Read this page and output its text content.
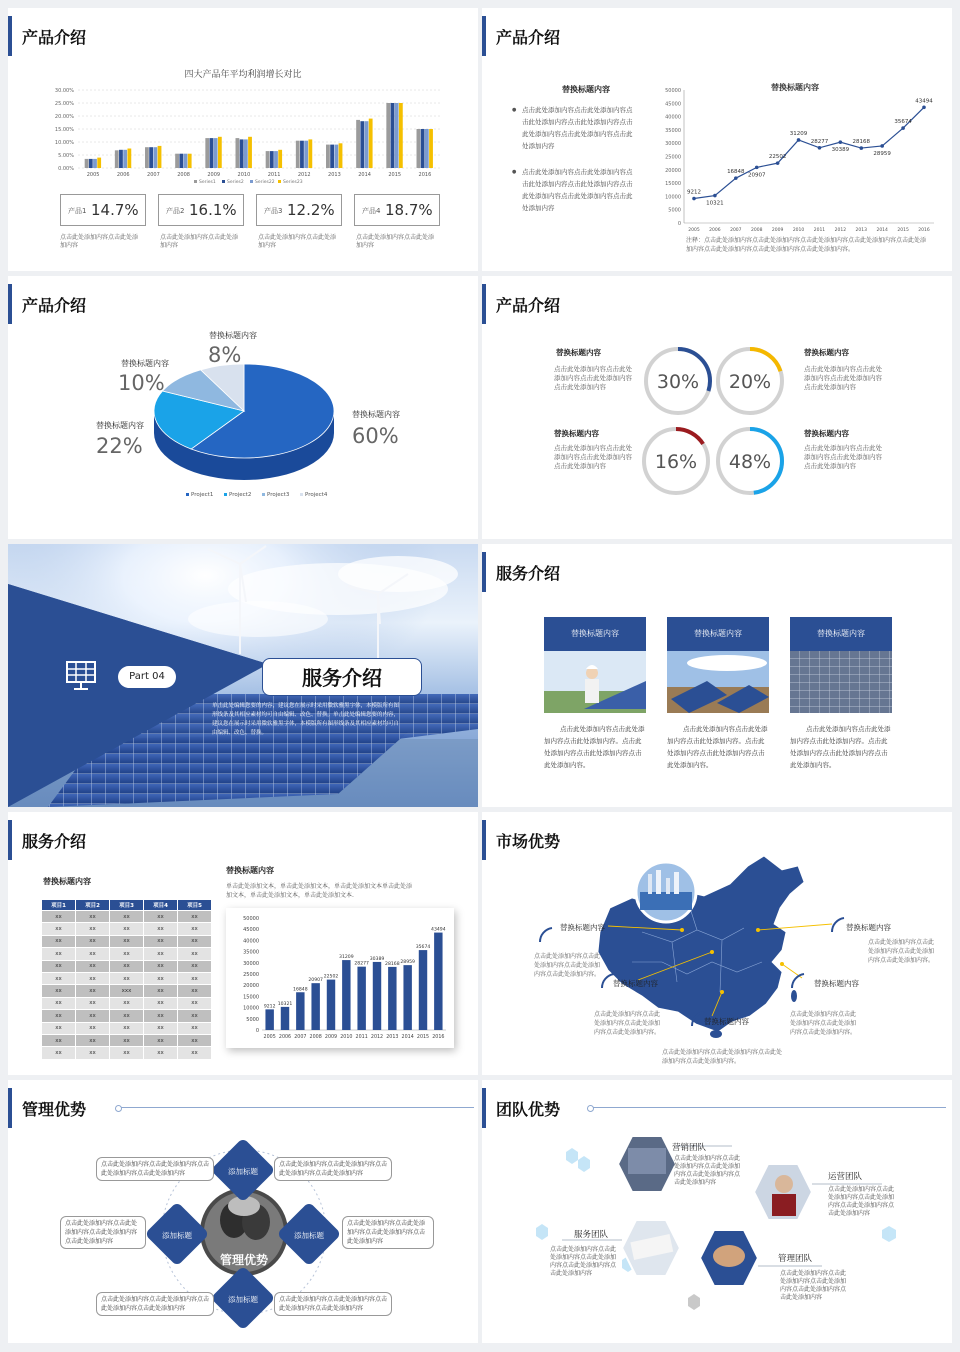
产品介绍
四大产品年平均利润增长对比
0.00%
5.00%
10.00%
15.00%
20.00%
25.00%
30.00%
2005	2006	2007	2008	2009	2010	2011	2012	2013	2014	2015	2016
Series1	Series2	Series22 Series23
产品1 14.7%	产品2 16.1%	产品3 12.2%	产品4 18.7%
点击此处添加内容点击此处添加内容
点击此处添加内容点击此处添加内容
点击此处添加内容点击此处添加内容
点击此处添加内容点击此处添加内容
产品介绍
替换标题内容
● 点击此处添加内容点击此处添加内容点击此处添加内容点击此处添加内容点击此处添加内容点击此处添加内容点击此处添加内容
● 点击此处添加内容点击此处添加内容点击此处添加内容点击此处添加内容点击此处添加内容点击此处添加内容点击此处添加内容
替换标题内容
0
5000
10000
15000
20000
25000
30000
35000
40000
45000
50000
9212
2005
10321
2006
16848
2007
20907
2008
22502
2009
31209
2010
28277
2011
30389
2012
28168
2013
28959
2014
35674
2015
43494
2016
注释：点击此处添加内容点击此处添加内容点击此处添加内容点击此处添加内容点击此处添加内容点击此处添加内容点击此处添加内容点击此处添加内容。
产品介绍
Project1	Project2	Project3	Project4
替换标题内容
60%
替换标题内容
22%
替换标题内容
10%
替换标题内容
8%
产品介绍
替换标题内容
点击此处添加内容点击此处添加内容点击此处添加内容点击此处添加内容
替换标题内容
点击此处添加内容点击此处添加内容点击此处添加内容点击此处添加内容
替换标题内容
点击此处添加内容点击此处添加内容点击此处添加内容点击此处添加内容
替换标题内容
点击此处添加内容点击此处添加内容点击此处添加内容点击此处添加内容
30% 20%
16% 48%
Part 04	服务介绍
单击此处编辑您要的内容，建议您在展示时采用微软雅黑字体，本模版所有图形线条及其相应素材均可自由编辑、改色、替换。单击此处编辑您要的内容，建议您在展示时采用微软雅黑字体，本模版所有图形线条及其相应素材均可自由编辑、改色、替换。
服务介绍
替换标题内容
点击此处添加内容点击此处添加内容点击此处添加内容。点击此处添加内容点击此处添加内容点击此处添加内容。
替换标题内容
点击此处添加内容点击此处添加内容点击此处添加内容。点击此处添加内容点击此处添加内容点击此处添加内容。
替换标题内容
点击此处添加内容点击此处添加内容点击此处添加内容。点击此处添加内容点击此处添加内容点击此处添加内容。
服务介绍
替换标题内容
项目1	项目2	项目3	项目4	项目5
xx	xx	xx	xx	xx
xx	xx	xx	xx	xx
xx	xx	xx	xx	xx
xx	xx	xx	xx	xx
xx	xx	xx	xx	xx
xx	xx	xx	xx	xx
xx	xx	xxx	xx	xx
xx	xx	xx	xx	xx
xx	xx	xx	xx	xx
xx	xx	xx	xx	xx
xx	xx	xx	xx	xx
xx	xx	xx	xx	xx
替换标题内容
单击此处添加文本，单击此处添加文本，单击此处添加文本单击此处添加文本，单击此处添加文本，单击此处添加文本.
0
5000
10000
15000
20000
25000
30000
35000
40000
45000
50000
9212
2005
10321
2006
16848
2007
20907
2008
22502
2009
31209
2010
28277
2011
30389
2012
28168
2013
28959
2014
35674
2015
43494
2016
市场优势
替换标题内容
点击此处添加内容点击此处添加内容点击此处添加内容点击此处添加内容。
替换标题内容
点击此处添加内容点击此处添加内容点击此处添加内容点击此处添加内容。
替换标题内容
点击此处添加内容点击此处添加内容点击此处添加内容点击此处添加内容。
替换标题内容
点击此处添加内容点击此处添加内容点击此处添加内容点击此处添加内容。
替换标题内容
点击此处添加内容点击此处添加内容点击此处添加内容点击此处添加内容。
管理优势
管理优势
添加标题
添加标题	添加标题
添加标题
点击此处添加内容点击此处添加内容点击此处添加内容点击此处添加内容
点击此处添加内容点击此处添加内容点击此处添加内容点击此处添加内容
点击此处添加内容点击此处添加内容点击此处添加内容点击此处添加内容
点击此处添加内容点击此处添加内容点击此处添加内容点击此处添加内容
点击此处添加内容点击此处添加内容点击此处添加内容点击此处添加内容
点击此处添加内容点击此处添加内容点击此处添加内容点击此处添加内容
团队优势
营销团队
点击此处添加内容点击此处添加内容点击此处添加内容点击此处添加内容点击此处添加内容
运营团队
点击此处添加内容点击此处添加内容点击此处添加内容点击此处添加内容点击此处添加内容
服务团队
点击此处添加内容点击此处添加内容点击此处添加内容点击此处添加内容点击此处添加内容
管理团队
点击此处添加内容点击此处添加内容点击此处添加内容点击此处添加内容点击此处添加内容
